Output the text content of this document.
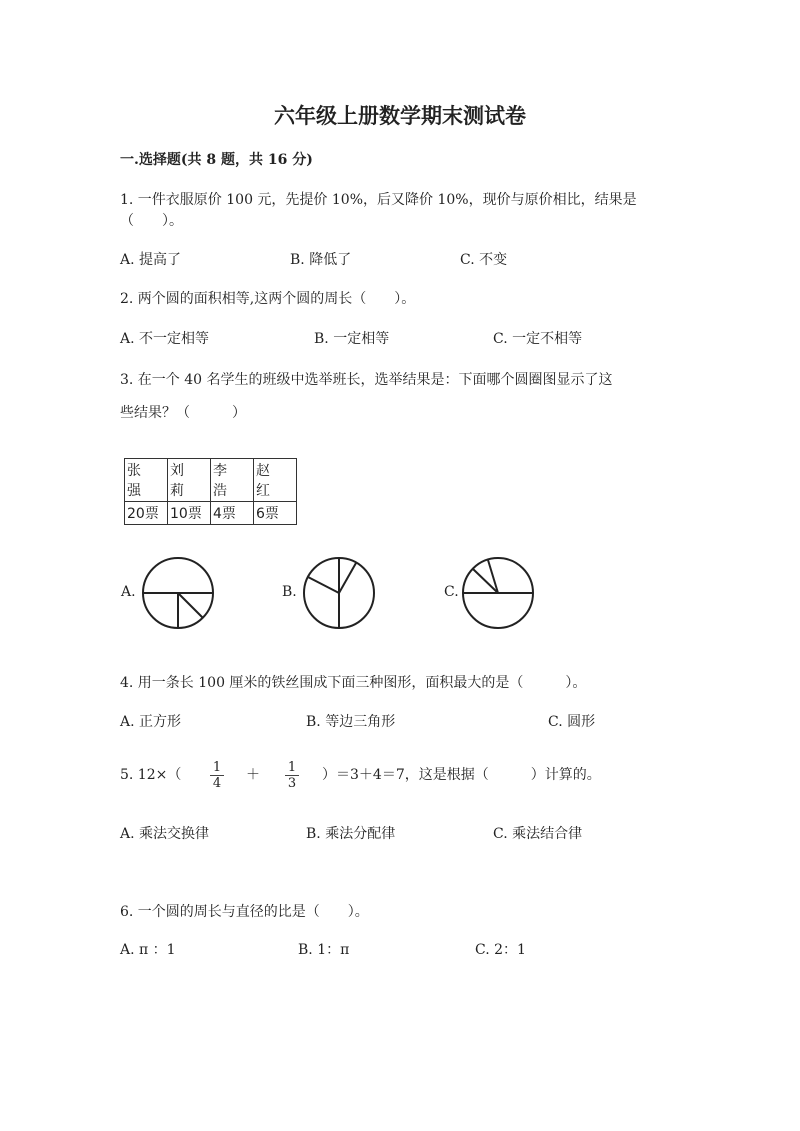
六年级上册数学期末测试卷
一.选择题(共 8 题，共 16 分)
1. 一件衣服原价 100 元，先提价 10%，后又降价 10%，现价与原价相比，结果是
（　　）。
A. 提高了	B. 降低了	C. 不变
2. 两个圆的面积相等,这两个圆的周长（　　）。
A. 不一定相等	B. 一定相等	C. 一定不相等
3. 在一个 40 名学生的班级中选举班长，选举结果是：下面哪个圆圈图显示了这
些结果？（　　　）
张 强	刘 莉	李 浩	赵 红
20票	10票	4票	6票
A.	B.	C.
4. 用一条长 100 厘米的铁丝围成下面三种图形，面积最大的是（　　　）。
A. 正方形	B. 等边三角形	C. 圆形
5. $12\times( \frac{1}{4} + \frac{1}{3} )=3+4=7$，这是根据（　　　）计算的。
A. 乘法交换律	B. 乘法分配律	C. 乘法结合律
6. 一个圆的周长与直径的比是（　　）。
A. π ：1	B. 1：π	C. 2：1
